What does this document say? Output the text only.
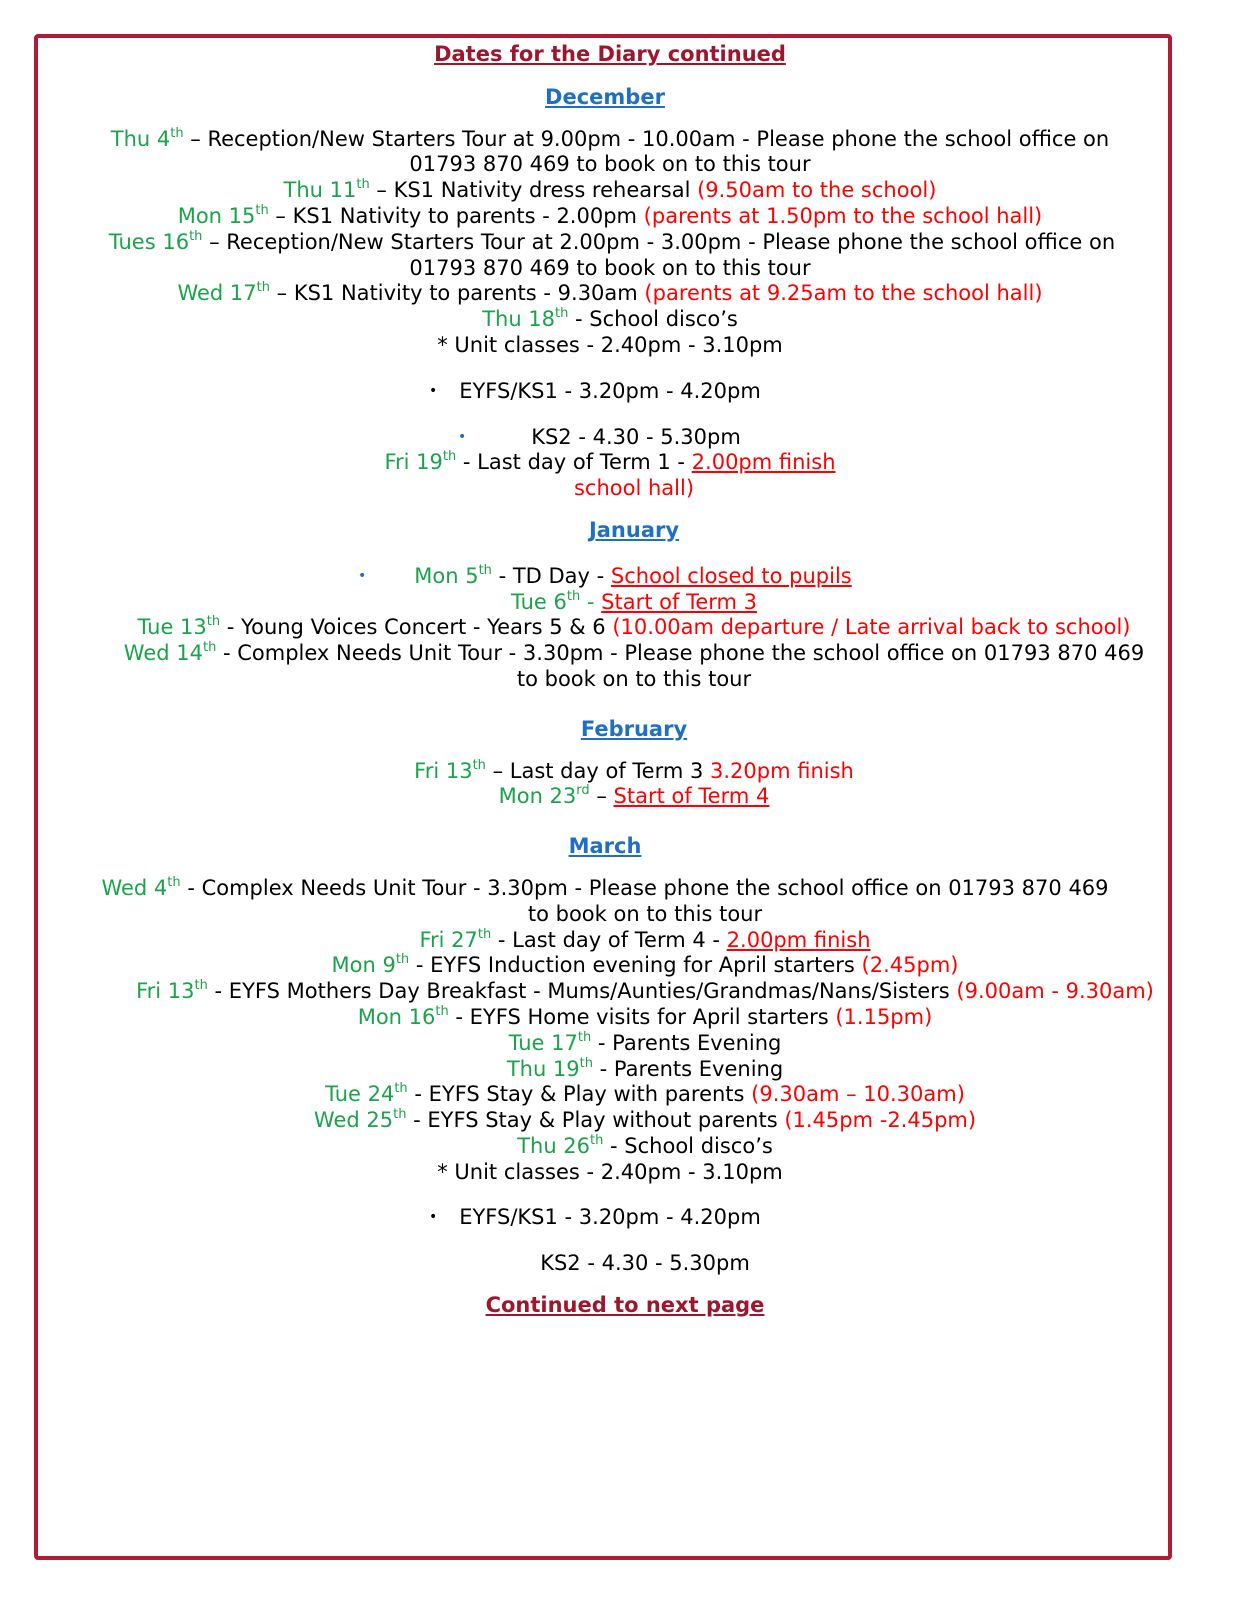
Dates for the Diary continued
December
Thu 4th – Reception/New Starters Tour at 9.00pm - 10.00am - Please phone the school office on
01793 870 469 to book on to this tour
Thu 11th – KS1 Nativity dress rehearsal (9.50am to the school)
Mon 15th – KS1 Nativity to parents - 2.00pm (parents at 1.50pm to the school hall)
Tues 16th – Reception/New Starters Tour at 2.00pm - 3.00pm - Please phone the school office on
01793 870 469 to book on to this tour
Wed 17th – KS1 Nativity to parents - 9.30am (parents at 9.25am to the school hall)
Thu 18th - School disco’s
* Unit classes - 2.40pm - 3.10pm
• EYFS/KS1 - 3.20pm - 4.20pm
•	KS2 - 4.30 - 5.30pm
Fri 19th - Last day of Term 1 - 2.00pm finish
school hall)
January
• Mon 5th - TD Day - School closed to pupils
Tue 6th - Start of Term 3
Tue 13th - Young Voices Concert - Years 5 & 6 (10.00am departure / Late arrival back to school)
Wed 14th - Complex Needs Unit Tour - 3.30pm - Please phone the school office on 01793 870 469
to book on to this tour
February
Fri 13th – Last day of Term 3 3.20pm finish
Mon 23rd – Start of Term 4
March
Wed 4th - Complex Needs Unit Tour - 3.30pm - Please phone the school office on 01793 870 469
to book on to this tour
Fri 27th - Last day of Term 4 - 2.00pm finish
Mon 9th - EYFS Induction evening for April starters (2.45pm)
Fri 13th - EYFS Mothers Day Breakfast - Mums/Aunties/Grandmas/Nans/Sisters (9.00am - 9.30am)
Mon 16th - EYFS Home visits for April starters (1.15pm)
Tue 17th - Parents Evening
Thu 19th - Parents Evening
Tue 24th - EYFS Stay & Play with parents (9.30am – 10.30am)
Wed 25th - EYFS Stay & Play without parents (1.45pm -2.45pm)
Thu 26th - School disco’s
* Unit classes - 2.40pm - 3.10pm
• EYFS/KS1 - 3.20pm - 4.20pm
KS2 - 4.30 - 5.30pm
Continued to next page
